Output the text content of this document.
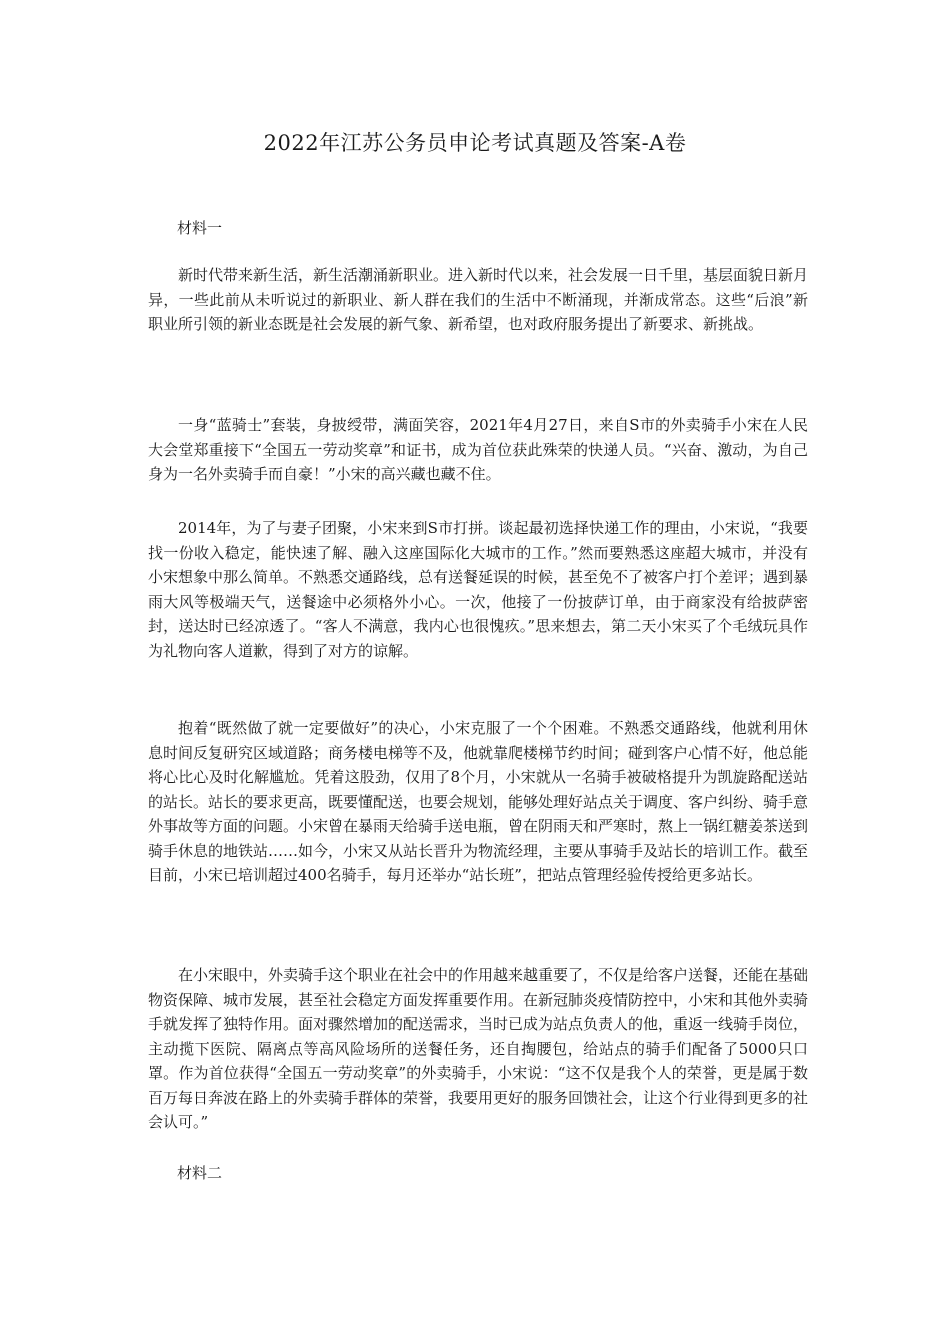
2022年江苏公务员申论考试真题及答案-A卷
材料一

新时代带来新生活，新生活潮涌新职业。进入新时代以来，社会发展一日千里，基层面貌日新月异，一些此前从未听说过的新职业、新人群在我们的生活中不断涌现，并渐成常态。这些“后浪”新职业所引领的新业态既是社会发展的新气象、新希望，也对政府服务提出了新要求、新挑战。

一身“蓝骑士”套装，身披绶带，满面笑容，2021年4月27日，来自S市的外卖骑手小宋在人民大会堂郑重接下“全国五一劳动奖章”和证书，成为首位获此殊荣的快递人员。“兴奋、激动，为自己身为一名外卖骑手而自豪！”小宋的高兴藏也藏不住。

2014年，为了与妻子团聚，小宋来到S市打拼。谈起最初选择快递工作的理由，小宋说，“我要找一份收入稳定，能快速了解、融入这座国际化大城市的工作。”然而要熟悉这座超大城市，并没有小宋想象中那么简单。不熟悉交通路线，总有送餐延误的时候，甚至免不了被客户打个差评；遇到暴雨大风等极端天气，送餐途中必须格外小心。一次，他接了一份披萨订单，由于商家没有给披萨密封，送达时已经凉透了。“客人不满意，我内心也很愧疚。”思来想去，第二天小宋买了个毛绒玩具作为礼物向客人道歉，得到了对方的谅解。

抱着“既然做了就一定要做好”的决心，小宋克服了一个个困难。不熟悉交通路线，他就利用休息时间反复研究区域道路；商务楼电梯等不及，他就靠爬楼梯节约时间；碰到客户心情不好，他总能将心比心及时化解尴尬。凭着这股劲，仅用了8个月，小宋就从一名骑手被破格提升为凯旋路配送站的站长。站长的要求更高，既要懂配送，也要会规划，能够处理好站点关于调度、客户纠纷、骑手意外事故等方面的问题。小宋曾在暴雨天给骑手送电瓶，曾在阴雨天和严寒时，熬上一锅红糖姜茶送到骑手休息的地铁站……如今，小宋又从站长晋升为物流经理，主要从事骑手及站长的培训工作。截至目前，小宋已培训超过400名骑手，每月还举办“站长班”，把站点管理经验传授给更多站长。

在小宋眼中，外卖骑手这个职业在社会中的作用越来越重要了，不仅是给客户送餐，还能在基础物资保障、城市发展，甚至社会稳定方面发挥重要作用。在新冠肺炎疫情防控中，小宋和其他外卖骑手就发挥了独特作用。面对骤然增加的配送需求，当时已成为站点负责人的他，重返一线骑手岗位，主动揽下医院、隔离点等高风险场所的送餐任务，还自掏腰包，给站点的骑手们配备了5000只口罩。作为首位获得“全国五一劳动奖章”的外卖骑手，小宋说：“这不仅是我个人的荣誉，更是属于数百万每日奔波在路上的外卖骑手群体的荣誉，我要用更好的服务回馈社会，让这个行业得到更多的社会认可。”

材料二
